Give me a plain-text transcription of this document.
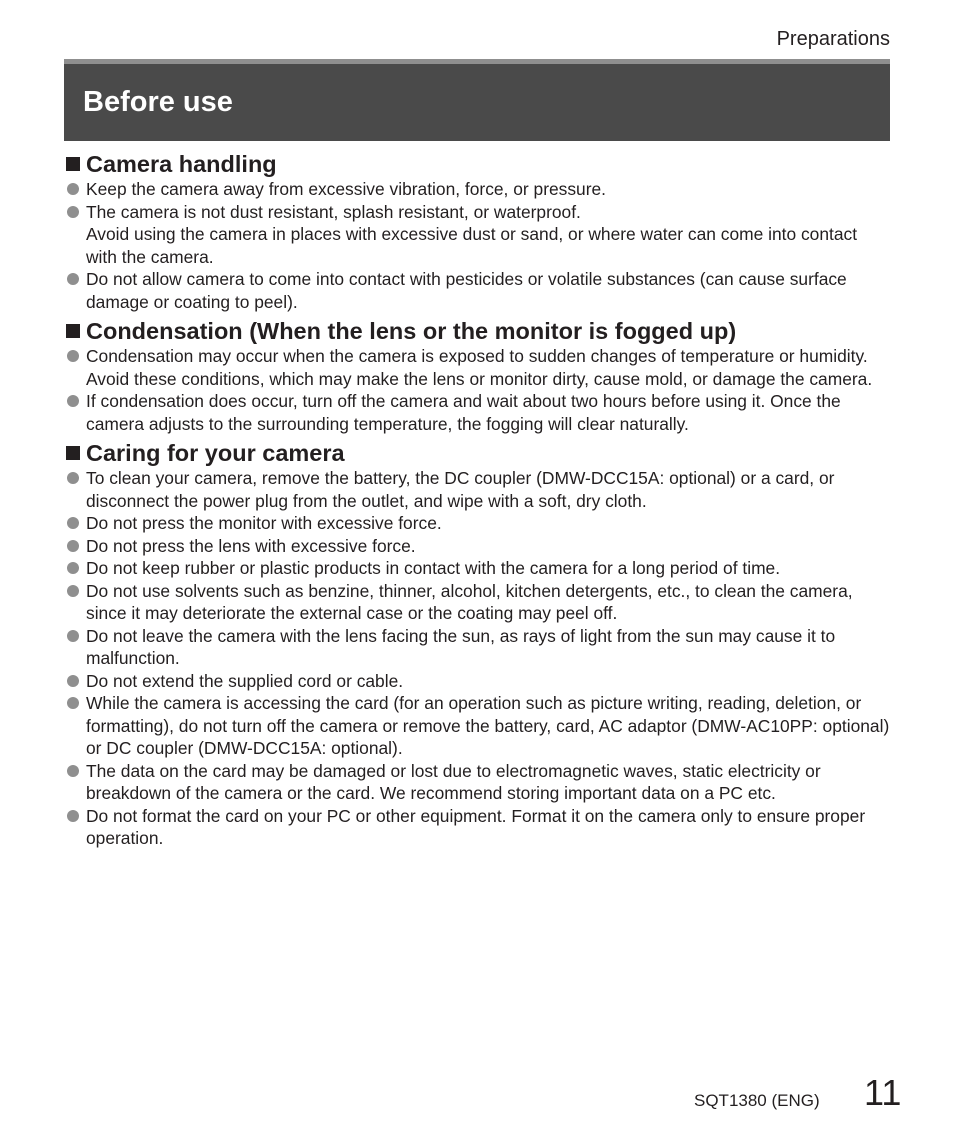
Preparations
Before use
Camera handling
Keep the camera away from excessive vibration, force, or pressure.
The camera is not dust resistant, splash resistant, or waterproof.
Avoid using the camera in places with excessive dust or sand, or where water can come into contact with the camera.
Do not allow camera to come into contact with pesticides or volatile substances (can cause surface damage or coating to peel).
Condensation (When the lens or the monitor is fogged up)
Condensation may occur when the camera is exposed to sudden changes of temperature or humidity. Avoid these conditions, which may make the lens or monitor dirty, cause mold, or damage the camera.
If condensation does occur, turn off the camera and wait about two hours before using it. Once the camera adjusts to the surrounding temperature, the fogging will clear naturally.
Caring for your camera
To clean your camera, remove the battery, the DC coupler (DMW-DCC15A: optional) or a card, or disconnect the power plug from the outlet, and wipe with a soft, dry cloth.
Do not press the monitor with excessive force.
Do not press the lens with excessive force.
Do not keep rubber or plastic products in contact with the camera for a long period of time.
Do not use solvents such as benzine, thinner, alcohol, kitchen detergents, etc., to clean the camera, since it may deteriorate the external case or the coating may peel off.
Do not leave the camera with the lens facing the sun, as rays of light from the sun may cause it to malfunction.
Do not extend the supplied cord or cable.
While the camera is accessing the card (for an operation such as picture writing, reading, deletion, or formatting), do not turn off the camera or remove the battery, card, AC adaptor (DMW-AC10PP: optional) or DC coupler (DMW-DCC15A: optional).
The data on the card may be damaged or lost due to electromagnetic waves, static electricity or breakdown of the camera or the card. We recommend storing important data on a PC etc.
Do not format the card on your PC or other equipment. Format it on the camera only to ensure proper operation.
SQT1380 (ENG) 11
